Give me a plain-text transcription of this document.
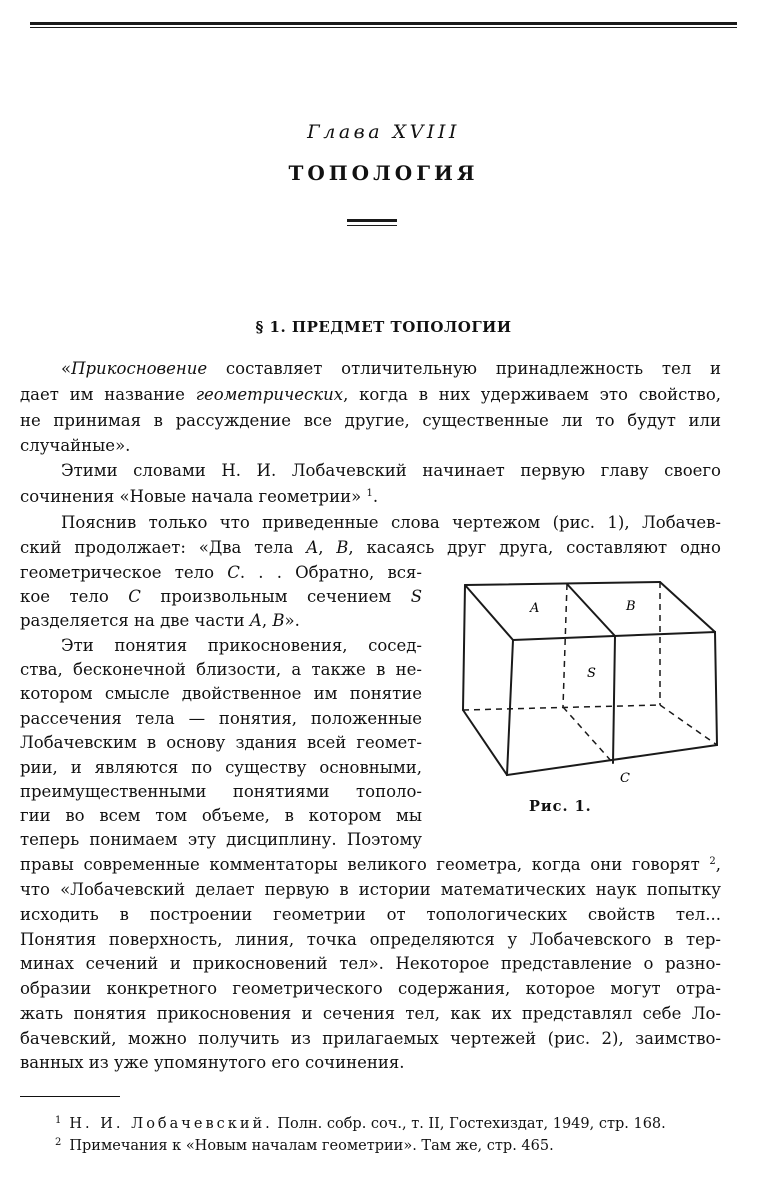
Глава XVIII
ТОПОЛОГИЯ
§ 1. ПРЕДМЕТ ТОПОЛОГИИ
«Прикосновение составляет отличительную принадлежность тел и
дает им название геометрических, когда в них удерживаем это свойство,
не принимая в рассуждение все другие, существенные ли то будут или
случайные».
Этими словами Н. И. Лобачевский начинает первую главу своего
сочинения «Новые начала геометрии» $^1$.
Пояснив только что приведенные слова чертежом (рис. 1), Лобачев-
ский продолжает: «Два тела A, B, касаясь друг друга, составляют одно
геометрическое тело C. . . Обратно, вся-
кое тело C произвольным сечением S
разделяется на две части A, B».
Эти понятия прикосновения, сосед-
ства, бесконечной близости, а также в не-
котором смысле двойственное им понятие
рассечения тела — понятия, положенные
Лобачевским в основу здания всей геомет-
рии, и являются по существу основными,
преимущественными понятиями тополо-
гии во всем том объеме, в котором мы
теперь понимаем эту дисциплину. Поэтому
правы современные комментаторы великого геометра, когда они говорят $^2$,
что «Лобачевский делает первую в истории математических наук попытку
исходить в построении геометрии от топологических свойств тел...
Понятия поверхность, линия, точка определяются у Лобачевского в тер-
минах сечений и прикосновений тел». Некоторое представление о разно-
образии конкретного геометрического содержания, которое могут отра-
жать понятия прикосновения и сечения тел, как их представлял себе Ло-
бачевский, можно получить из прилагаемых чертежей (рис. 2), заимство-
ванных из уже упомянутого его сочинения.
A	B
S
C
Рис. 1.
$^1$ Н. И. Лобачевский. Полн. собр. соч., т. II, Гостехиздат, 1949, стр. 168.
$^2$ Примечания к «Новым началам геометрии». Там же, стр. 465.
